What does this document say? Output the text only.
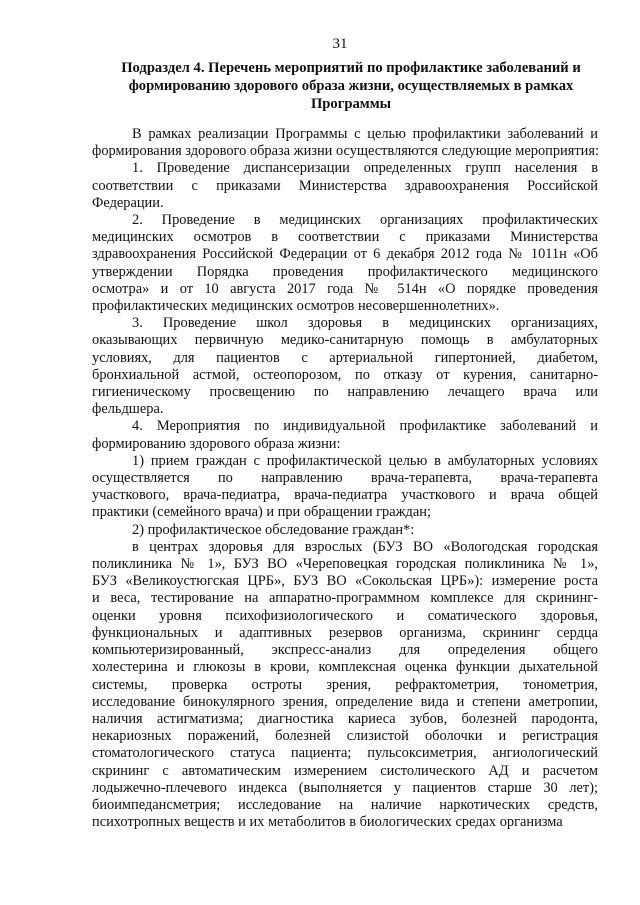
31
Подраздел 4. Перечень мероприятий по профилактике заболеваний и формированию здорового образа жизни, осуществляемых в рамках Программы

В рамках реализации Программы с целью профилактики заболеваний и
формирования здорового образа жизни осуществляются следующие мероприятия:

1. Проведение диспансеризации определенных групп населения в
соответствии с приказами Министерства здравоохранения Российской
Федерации.

2. Проведение в медицинских организациях профилактических
медицинских осмотров в соответствии с приказами Министерства
здравоохранения Российской Федерации от 6 декабря 2012 года № 1011н «Об
утверждении Порядка проведения профилактического медицинского
осмотра» и от 10 августа 2017 года № 514н «О порядке проведения
профилактических медицинских осмотров несовершеннолетних».

3. Проведение школ здоровья в медицинских организациях,
оказывающих первичную медико-санитарную помощь в амбулаторных
условиях, для пациентов с артериальной гипертонией, диабетом,
бронхиальной астмой, остеопорозом, по отказу от курения, санитарно-
гигиеническому просвещению по направлению лечащего врача или
фельдшера.

4. Мероприятия по индивидуальной профилактике заболеваний и
формированию здорового образа жизни:

1) прием граждан с профилактической целью в амбулаторных условиях
осуществляется по направлению врача-терапевта, врача-терапевта
участкового, врача-педиатра, врача-педиатра участкового и врача общей
практики (семейного врача) и при обращении граждан;

2) профилактическое обследование граждан*:

в центрах здоровья для взрослых (БУЗ ВО «Вологодская городская
поликлиника № 1», БУЗ ВО «Череповецкая городская поликлиника № 1»,
БУЗ «Великоустюгская ЦРБ», БУЗ ВО «Сокольская ЦРБ»): измерение роста
и веса, тестирование на аппаратно-программном комплексе для скрининг-
оценки уровня психофизиологического и соматического здоровья,
функциональных и адаптивных резервов организма, скрининг сердца
компьютеризированный, экспресс-анализ для определения общего
холестерина и глюкозы в крови, комплексная оценка функции дыхательной
системы, проверка остроты зрения, рефрактометрия, тонометрия,
исследование бинокулярного зрения, определение вида и степени аметропии,
наличия астигматизма; диагностика кариеса зубов, болезней пародонта,
некариозных поражений, болезней слизистой оболочки и регистрация
стоматологического статуса пациента; пульсоксиметрия, ангиологический
скрининг с автоматическим измерением систолического АД и расчетом
лодыжечно-плечевого индекса (выполняется у пациентов старше 30 лет);
биоимпедансметрия; исследование на наличие наркотических средств,
психотропных веществ и их метаболитов в биологических средах организма
